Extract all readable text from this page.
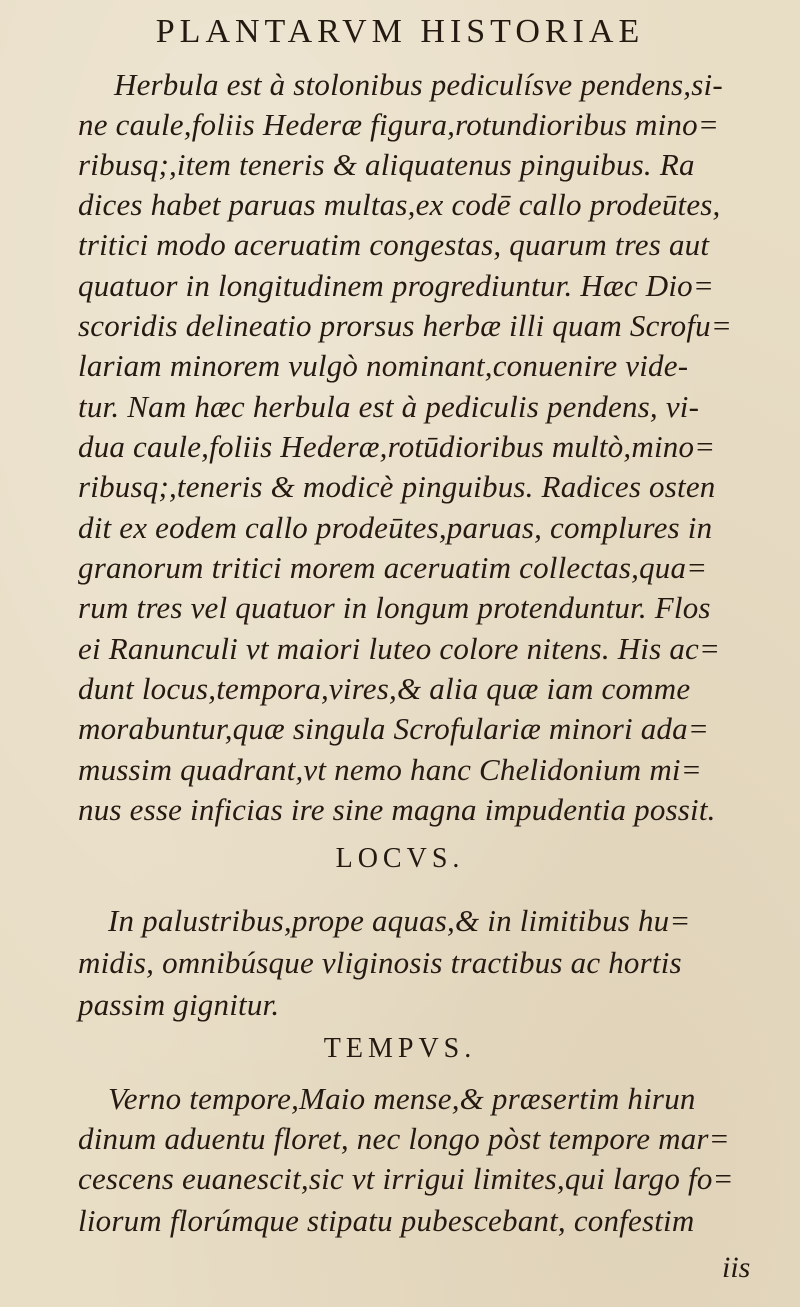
PLANTARVM HISTORIAE
Herbula est à stolonibus pediculísve pendens,si-
ne caule,foliis Hederæ figura,rotundioribus mino=
ribusq;,item teneris & aliquatenus pinguibus. Ra
dices habet paruas multas,ex codē callo prodeūtes,
tritici modo aceruatim congestas, quarum tres aut
quatuor in longitudinem progrediuntur. Hæc Dio=
scoridis delineatio prorsus herbæ illi quam Scrofu=
lariam minorem vulgò nominant,conuenire vide-
tur. Nam hæc herbula est à pediculis pendens, vi-
dua caule,foliis Hederæ,rotūdioribus multò,mino=
ribusq;,teneris & modicè pinguibus. Radices osten
dit ex eodem callo prodeūtes,paruas, complures in
granorum tritici morem aceruatim collectas,qua=
rum tres vel quatuor in longum protenduntur. Flos
ei Ranunculi vt maiori luteo colore nitens. His ac=
dunt locus,tempora,vires,& alia quæ iam comme
morabuntur,quæ singula Scrofulariæ minori ada=
mussim quadrant,vt nemo hanc Chelidonium mi=
nus esse inficias ire sine magna impudentia possit.
LOCVS.
In palustribus,prope aquas,& in limitibus hu=
midis, omnibúsque vliginosis tractibus ac hortis
passim gignitur.
TEMPVS.
Verno tempore,Maio mense,& præsertim hirun
dinum aduentu floret, nec longo pòst tempore mar=
cescens euanescit,sic vt irrigui limites,qui largo fo=
liorum florúmque stipatu pubescebant, confestim
iis
